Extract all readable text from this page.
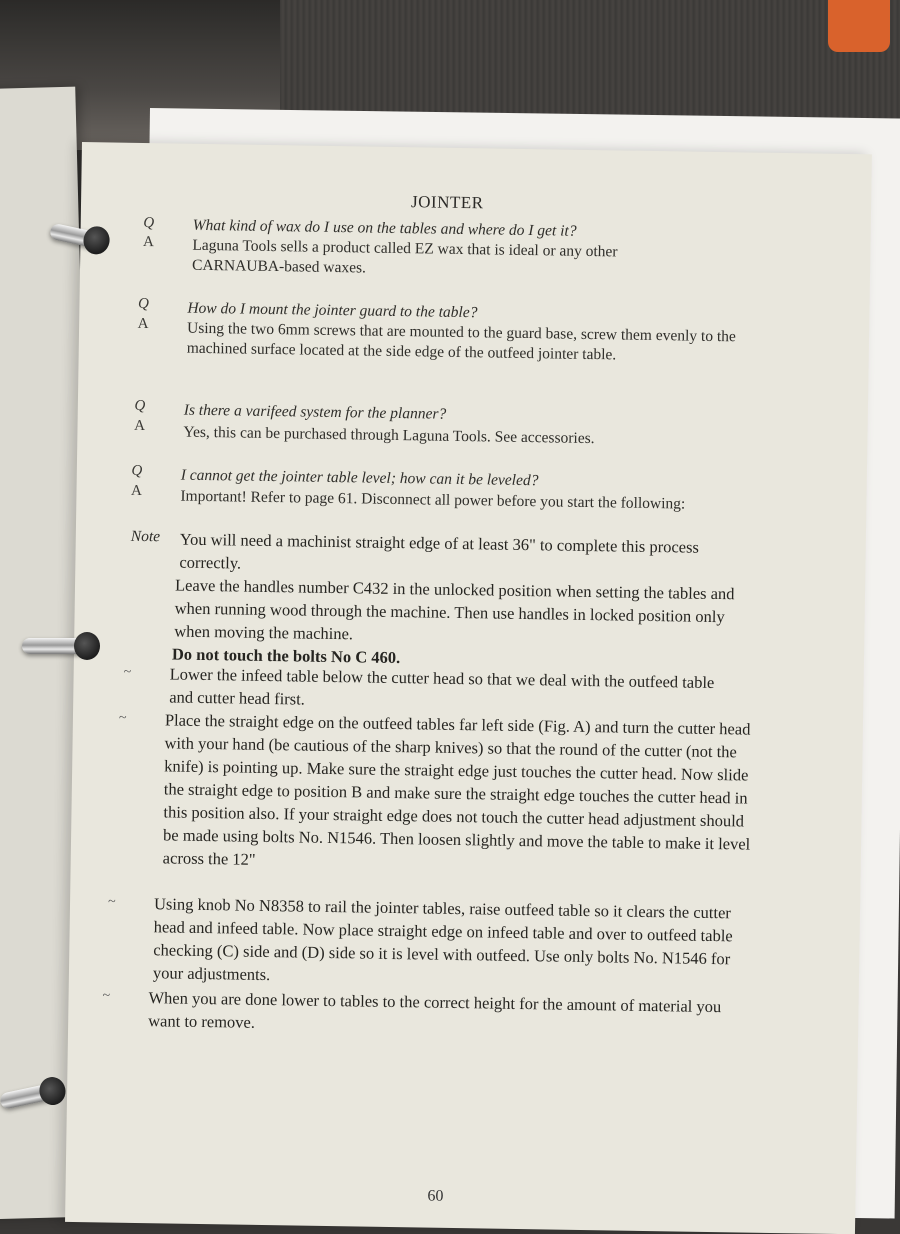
JOINTER
Q
A
What kind of wax do I use on the tables and where do I get it?
Laguna Tools sells a product called EZ wax that is ideal or any other CARNAUBA-based waxes.
Q
A
How do I mount the jointer guard to the table?
Using the two 6mm screws that are mounted to the guard base, screw them evenly to the machined surface located at the side edge of the outfeed jointer table.
Q
A
Is there a varifeed system for the planner?
Yes, this can be purchased through Laguna Tools. See accessories.
Q
A
I cannot get the jointer table level; how can it be leveled?
Important! Refer to page 61. Disconnect all power before you start the following:
Note You will need a machinist straight edge of at least 36" to complete this process correctly.
Leave the handles number C432 in the unlocked position when setting the tables and when running wood through the machine. Then use handles in locked position only when moving the machine.
Do not touch the bolts No C 460.
~ Lower the infeed table below the cutter head so that we deal with the outfeed table and cutter head first.
~ Place the straight edge on the outfeed tables far left side (Fig. A) and turn the cutter head with your hand (be cautious of the sharp knives) so that the round of the cutter (not the knife) is pointing up. Make sure the straight edge just touches the cutter head. Now slide the straight edge to position B and make sure the straight edge touches the cutter head in this position also. If your straight edge does not touch the cutter head adjustment should be made using bolts No. N1546. Then loosen slightly and move the table to make it level across the 12"
~ Using knob No N8358 to rail the jointer tables, raise outfeed table so it clears the cutter head and infeed table. Now place straight edge on infeed table and over to outfeed table checking (C) side and (D) side so it is level with outfeed. Use only bolts No. N1546 for your adjustments.
~ When you are done lower to tables to the correct height for the amount of material you want to remove.
60
